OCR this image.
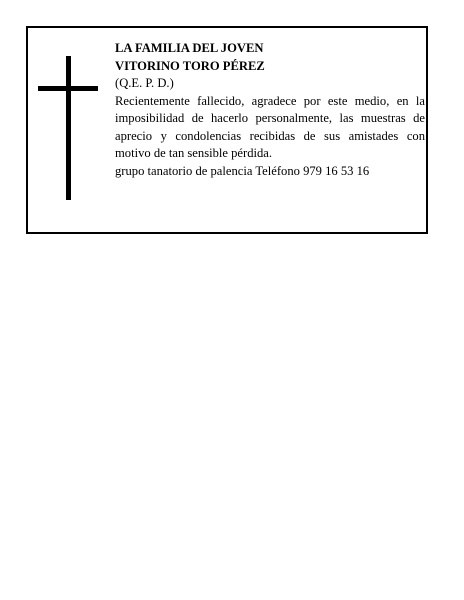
LA FAMILIA DEL JOVEN
VITORINO TORO PÉREZ
(Q.E. P. D.)
Recientemente fallecido, agradece por este medio, en la imposibilidad de hacerlo personalmente, las muestras de aprecio y condolencias recibidas de sus amistades con motivo de tan sensible pérdida.
grupo tanatorio de palencia Teléfono 979 16 53 16
